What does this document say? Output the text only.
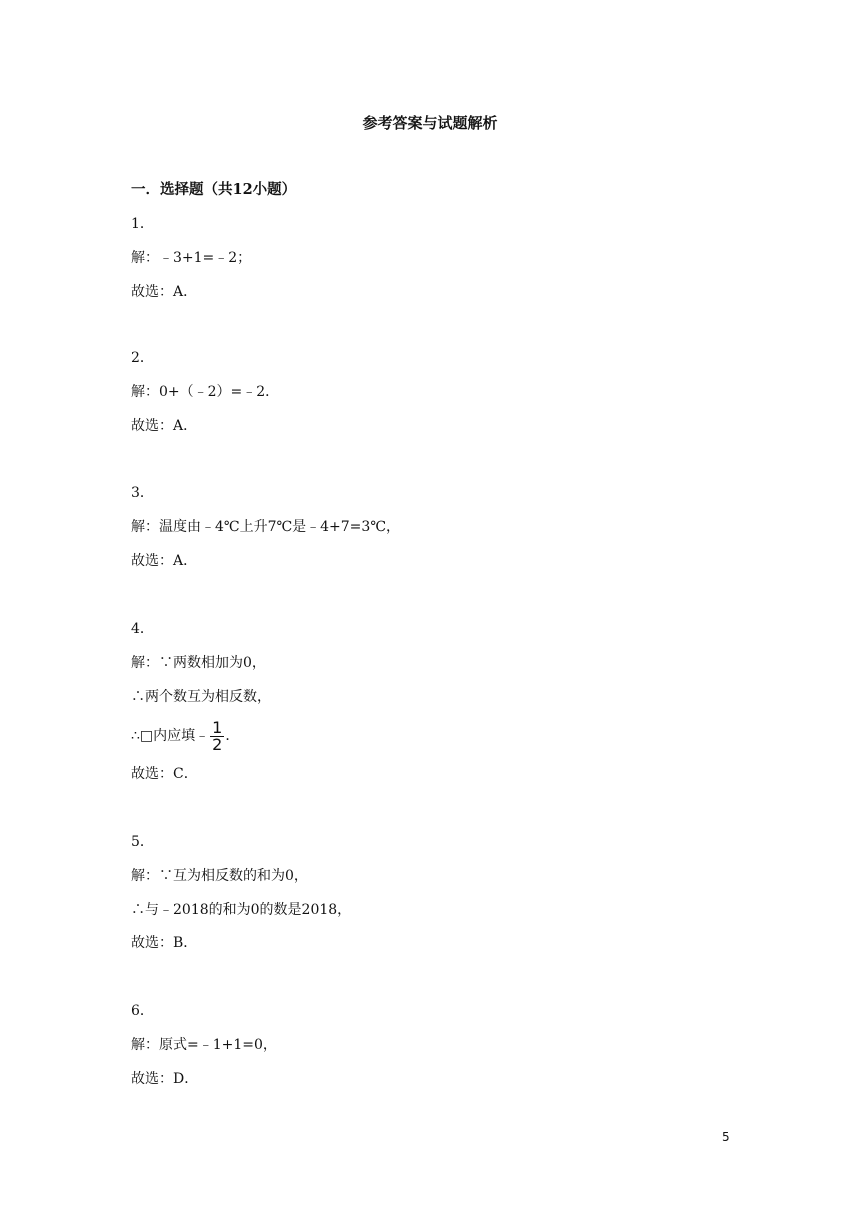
参考答案与试题解析
一．选择题（共12小题）
1．
解：﹣3+1=﹣2；
故选：A．
2．
解：0+（﹣2）=﹣2．
故选：A．
3．
解：温度由﹣4℃上升7℃是﹣4+7=3℃，
故选：A．
4．
解：∵两数相加为0，
∴两个数互为相反数，
∴□内应填﹣ $\frac{1}{2}$ ．
故选：C．
5．
解：∵互为相反数的和为0，
∴与﹣2018的和为0的数是2018，
故选：B．
6．
解：原式=﹣1+1=0，
故选：D．
5
